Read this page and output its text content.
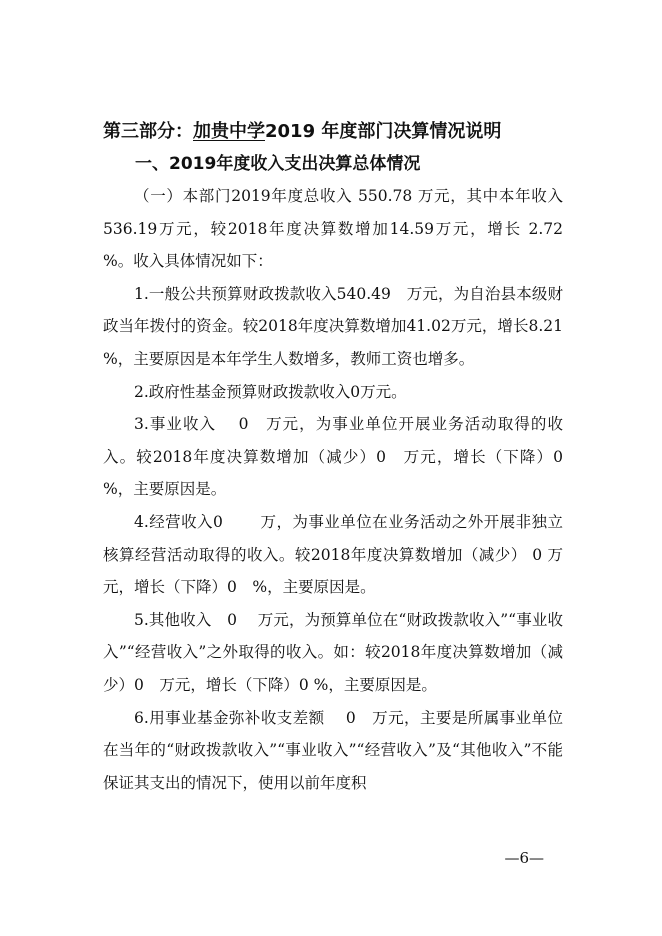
第三部分：加贵中学2019 年度部门决算情况说明
一、2019年度收入支出决算总体情况

（一）本部门2019年度总收入 550.78 万元，其中本年收入536.19万元，较2018年度决算数增加14.59万元，增长 2.72　%。收入具体情况如下：

1.一般公共预算财政拨款收入540.49　万元，为自治县本级财政当年拨付的资金。较2018年度决算数增加41.02万元，增长8.21　%，主要原因是本年学生人数增多，教师工资也增多。

2.政府性基金预算财政拨款收入0万元。

3.事业收入　 0　万元，为事业单位开展业务活动取得的收入。较2018年度决算数增加（减少）0　万元，增长（下降）0　%，主要原因是。

4.经营收入0　　 万，为事业单位在业务活动之外开展非独立核算经营活动取得的收入。较2018年度决算数增加（减少） 0 万元，增长（下降）0　%，主要原因是。

5.其他收入　0　 万元，为预算单位在“财政拨款收入”“事业收入”“经营收入”之外取得的收入。如：较2018年度决算数增加（减少）0　万元，增长（下降）0 %，主要原因是。

6.用事业基金弥补收支差额　 0　万元，主要是所属事业单位在当年的“财政拨款收入”“事业收入”“经营收入”及“其他收入”不能保证其支出的情况下，使用以前年度积

—6—
